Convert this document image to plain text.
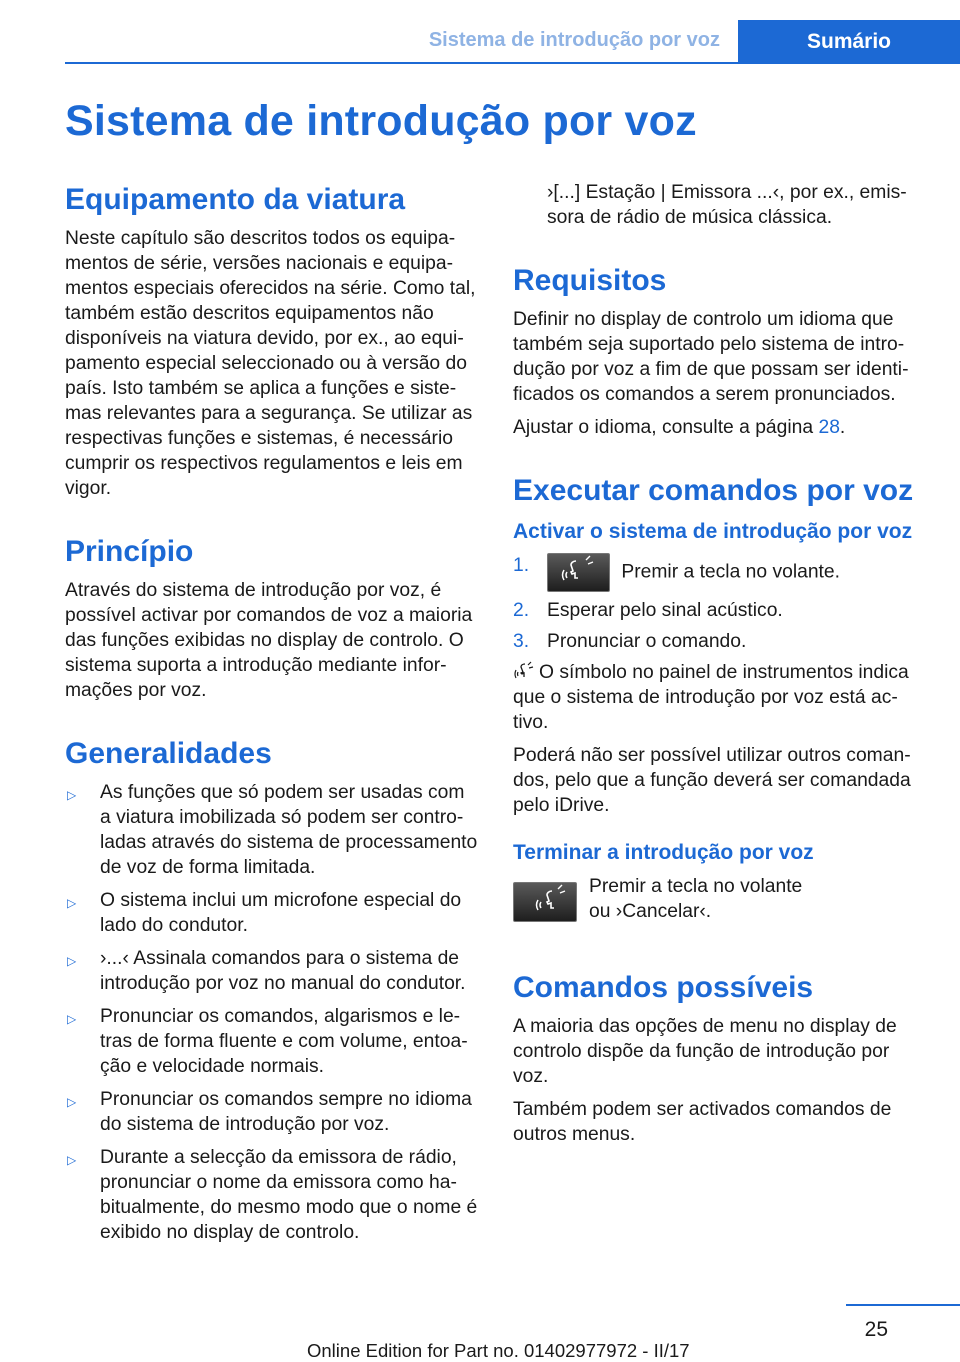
Sistema de introdução por voz	Sumário
Sistema de introdução por voz
Equipamento da viatura

Neste capítulo são descritos todos os equipamentos de série, versões nacionais e equipamentos especiais oferecidos na série. Como tal, também estão descritos equipamentos não disponíveis na viatura devido, por ex., ao equipamento especial seleccionado ou à versão do país. Isto também se aplica a funções e sistemas relevantes para a segurança. Se utilizar as respectivas funções e sistemas, é necessário cumprir os respectivos regulamentos e leis em vigor.

Princípio

Através do sistema de introdução por voz, é possível activar por comandos de voz a maioria das funções exibidas no display de controlo. O sistema suporta a introdução mediante informações por voz.

Generalidades
▷ As funções que só podem ser usadas com a viatura imobilizada só podem ser controladas através do sistema de processamento de voz de forma limitada.
▷ O sistema inclui um microfone especial do lado do condutor.
▷ ›...‹ Assinala comandos para o sistema de introdução por voz no manual do condutor.
▷ Pronunciar os comandos, algarismos e letras de forma fluente e com volume, entoação e velocidade normais.
▷ Pronunciar os comandos sempre no idioma do sistema de introdução por voz.
▷ Durante a selecção da emissora de rádio, pronunciar o nome da emissora como habitualmente, do mesmo modo que o nome é exibido no display de controlo.

›[...] Estação | Emissora ...‹, por ex., emissora de rádio de música clássica.

Requisitos

Definir no display de controlo um idioma que também seja suportado pelo sistema de introdução por voz a fim de que possam ser identificados os comandos a serem pronunciados.

Ajustar o idioma, consulte a página 28.

Executar comandos por voz
Activar o sistema de introdução por voz
1.	Premir a tecla no volante.
2. Esperar pelo sinal acústico.
3. Pronunciar o comando.

O símbolo no painel de instrumentos indica que o sistema de introdução por voz está activo.

Poderá não ser possível utilizar outros comandos, pelo que a função deverá ser comandada pelo iDrive.

Terminar a introdução por voz
Premir a tecla no volante
ou ›Cancelar‹.
Comandos possíveis

A maioria das opções de menu no display de controlo dispõe da função de introdução por voz.

Também podem ser activados comandos de outros menus.

25
Online Edition for Part no. 01402977972 - II/17
